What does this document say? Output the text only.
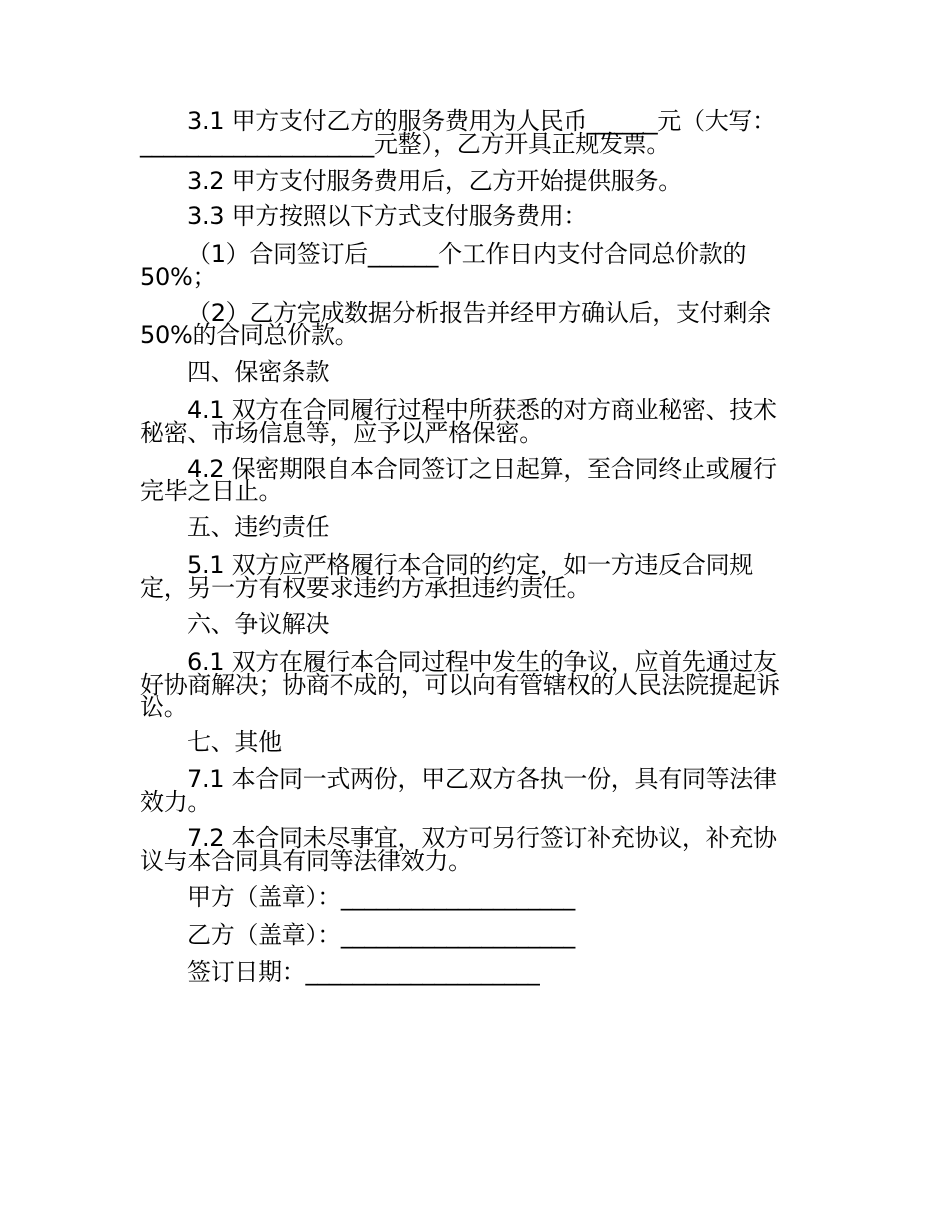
3.1 甲方支付乙方的服务费用为人民币______元（大写：
____________________元整），乙方开具正规发票。
3.2 甲方支付服务费用后，乙方开始提供服务。
3.3 甲方按照以下方式支付服务费用：
（1）合同签订后______个工作日内支付合同总价款的
50%；
（2）乙方完成数据分析报告并经甲方确认后，支付剩余
50%的合同总价款。
四、保密条款
4.1 双方在合同履行过程中所获悉的对方商业秘密、技术
秘密、市场信息等，应予以严格保密。
4.2 保密期限自本合同签订之日起算，至合同终止或履行
完毕之日止。
五、违约责任
5.1 双方应严格履行本合同的约定，如一方违反合同规
定，另一方有权要求违约方承担违约责任。
六、争议解决
6.1 双方在履行本合同过程中发生的争议，应首先通过友
好协商解决；协商不成的，可以向有管辖权的人民法院提起诉
讼。
七、其他
7.1 本合同一式两份，甲乙双方各执一份，具有同等法律
效力。
7.2 本合同未尽事宜，双方可另行签订补充协议，补充协
议与本合同具有同等法律效力。
甲方（盖章）：____________________
乙方（盖章）：____________________
签订日期：____________________
